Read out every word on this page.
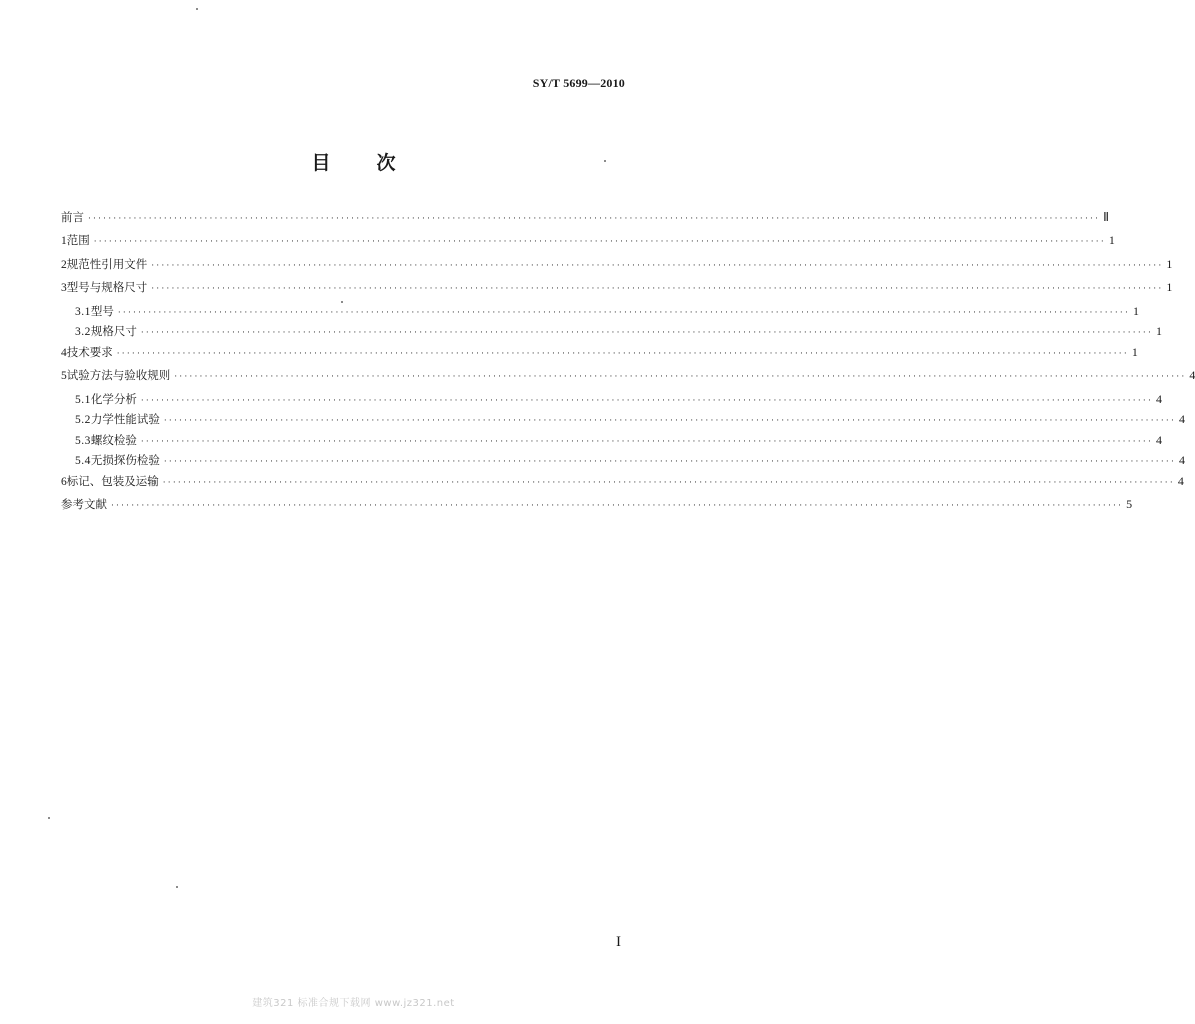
SY/T 5699—2010
目 次
前言 ········································································································································································································ Ⅱ
1 范围 ········································································································································································································ 1
2 规范性引用文件 ········································································································································································································ 1
3 型号与规格尺寸 ········································································································································································································ 1
3.1 型号 ········································································································································································································ 1
3.2 规格尺寸 ········································································································································································································ 1
4 技术要求 ········································································································································································································ 1
5 试验方法与验收规则 ········································································································································································································ 4
5.1 化学分析 ········································································································································································································ 4
5.2 力学性能试验 ········································································································································································································ 4
5.3 螺纹检验 ········································································································································································································ 4
5.4 无损探伤检验 ········································································································································································································ 4
6 标记、包装及运输 ········································································································································································································ 4
参考文献 ········································································································································································································ 5
I
建筑321 标准合规下载网 www.jz321.net
